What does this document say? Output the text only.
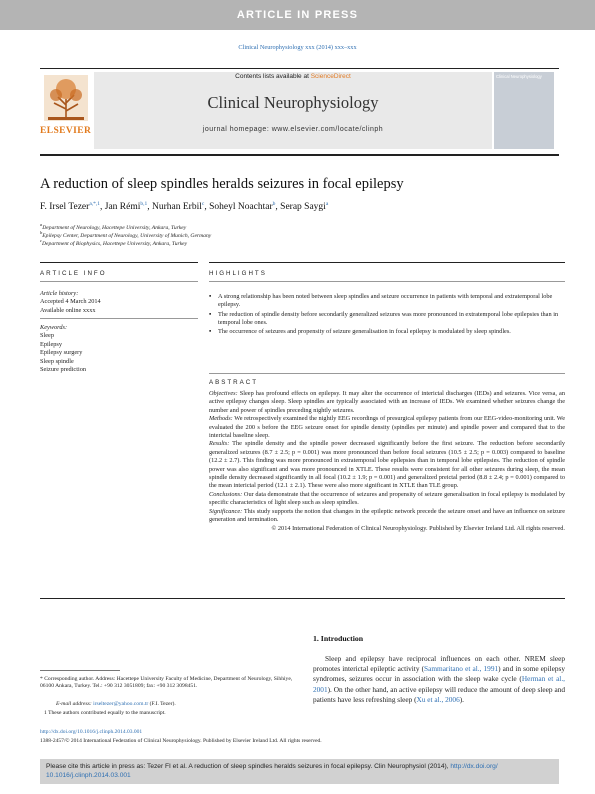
ARTICLE IN PRESS
Clinical Neurophysiology xxx (2014) xxx–xxx
ELSEVIER
Contents lists available at ScienceDirect
Clinical Neurophysiology
journal homepage: www.elsevier.com/locate/clinph
Clinical Neurophysiology
A reduction of sleep spindles heralds seizures in focal epilepsy
F. Irsel Tezer$^{a,*,1}$, Jan Rémi$^{b,1}$, Nurhan Erbil$^c$, Soheyl Noachtar$^b$, Serap Saygi$^a$
$^a$Department of Neurology, Hacettepe University, Ankara, Turkey
$^b$Epilepsy Center, Department of Neurology, University of Munich, Germany
$^c$Department of Biophysics, Hacettepe University, Ankara, Turkey
ARTICLE INFO
Article history:
Accepted 4 March 2014
Available online xxxx
Keywords:
Sleep
Epilepsy
Epilepsy surgery
Sleep spindle
Seizure prediction
HIGHLIGHTS
▪ A strong relationship has been noted between sleep spindles and seizure occurrence in patients with temporal and extratemporal lobe epilepsy.
▪ The reduction of spindle density before secondarily generalized seizures was more pronounced in extratemporal lobe epilepsies than in temporal lobe ones.
▪ The occurrence of seizures and propensity of seizure generalisation in focal epilepsy is modulated by sleep spindles.
ABSTRACT

Objectives: Sleep has profound effects on epilepsy. It may alter the occurrence of interictal discharges (IEDs) and seizures. Vice versa, an active epilepsy changes sleep. Sleep spindles are typically associated with an increase of IEDs. We examined whether seizures change the number and power of spindles preceding nightly seizures.

Methods: We retrospectively examined the nightly EEG recordings of presurgical epilepsy patients from our EEG-video-monitoring unit. We evaluated the 200 s before the EEG seizure onset for spindle density (spindles per minute) and spindle power and compared that to the interictal baseline sleep.

Results: The spindle density and the spindle power decreased significantly before the first seizure. The reduction before secondarily generalized seizures (8.7 ± 2.5; p = 0.001) was more pronounced than before focal seizures (10.5 ± 2.5; p = 0.003) compared to baseline (12.2 ± 2.7). This finding was more pronounced in extratemporal lobe epilepsies than in temporal lobe epilepsies. The reduction of spindle power was also significant and was more pronounced in XTLE. These results were consistent for all other seizures during sleep, the mean spindle density decreased significantly in all focal (10.2 ± 1.9; p = 0.001) and generalized preictal period (8.8 ± 2.4; p = 0.001) compared to the mean interictal period (12.1 ± 2.1). These were also more significant in XTLE than TLE group.

Conclusions: Our data demonstrate that the occurrence of seizures and propensity of seizure generalisation in focal epilepsy is modulated by specific characteristics of light sleep such as sleep spindles.

Significance: This study supports the notion that changes in the epileptic network precede the seizure onset and have an influence on seizure generation and termination.

© 2014 International Federation of Clinical Neurophysiology. Published by Elsevier Ireland Ltd. All rights reserved.

1. Introduction
Sleep and epilepsy have reciprocal influences on each other. NREM sleep promotes interictal epileptic activity (Sammaritano et al., 1991) and in some epilepsy syndromes, seizures occur in association with the sleep wake cycle (Herman et al., 2001). On the other hand, an active epilepsy will reduce the amount of deep sleep and patients have less refreshing sleep (Xu et al., 2006).
* Corresponding author. Address: Hacettepe University Faculty of Medicine, Department of Neurology, Sihhiye, 06100 Ankara, Turkey. Tel.: +90 312 3051809; fax: +90 312 3098451.
E-mail address: irseltezer@yahoo.com.tr (F.I. Tezer).
1 These authors contributed equally to the manuscript.
http://dx.doi.org/10.1016/j.clinph.2014.03.001
1388-2457/© 2014 International Federation of Clinical Neurophysiology. Published by Elsevier Ireland Ltd. All rights reserved.
Please cite this article in press as: Tezer FI et al. A reduction of sleep spindles heralds seizures in focal epilepsy. Clin Neurophysiol (2014), http://dx.doi.org/
10.1016/j.clinph.2014.03.001
